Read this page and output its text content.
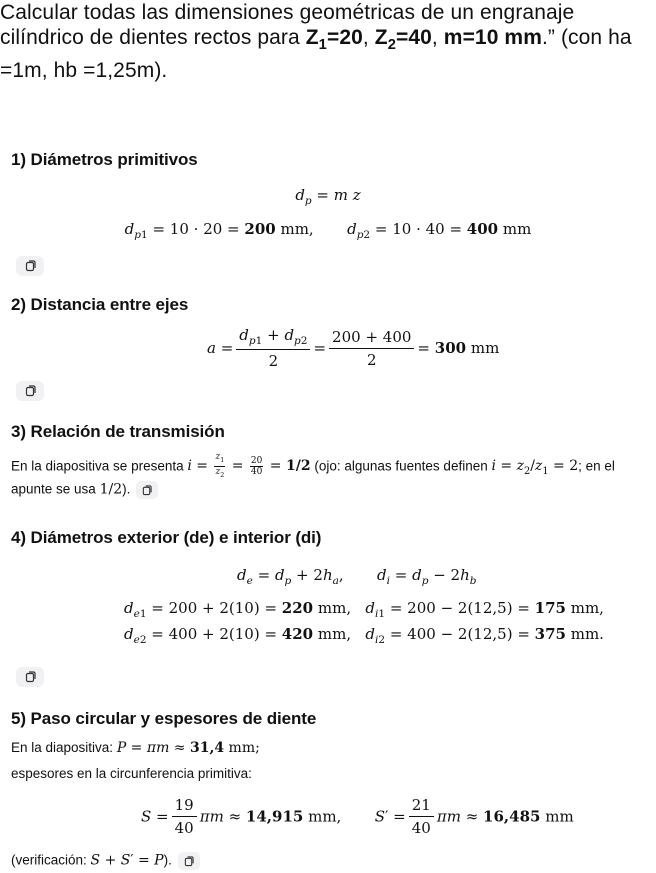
Calcular todas las dimensiones geométricas de un engranaje cilíndrico de dientes rectos para $Z_1=20$, $Z_2=40$, m=10 mm.” (con ha =1m, hb =1,25m).
1) Diámetros primitivos
$d_p = m$ z
$d_{p1} = 10 \cdot 20 = 200$ mm,       $d_{p2} = 10 \cdot 40 = 400$ mm
2) Distancia entre ejes
$a = \frac{d_{p1} + d_{p2}}{2} = \frac{200 + 400}{2} = 300$ mm
3) Relación de transmisión
En la diapositiva se presenta $i = \frac{z_1}{z_2} = \frac{20}{40} = 1/2$ (ojo: algunas fuentes definen $i = z_2/z_1 = 2$; en el
apunte se usa 1/2).
4) Diámetros exterior (de) e interior (di)
$d_e = d_p + 2h_a$,       $d_i = d_p - 2h_b$
$d_{e1} = 200 + 2(10) = 220$ mm,   $d_{i1} = 200 - 2(12,5) = 175$ mm,
$d_{e2} = 400 + 2(10) = 420$ mm,   $d_{i2} = 400 - 2(12,5) = 375$ mm.
5) Paso circular y espesores de diente
En la diapositiva: P = πm ≈ 31,4 mm;
espesores en la circunferencia primitiva:
$S = \frac{19}{40}$ πm ≈ 14,915 mm,       $S' = \frac{21}{40}$ πm ≈ 16,485 mm
(verificación: S + S′ = P).
